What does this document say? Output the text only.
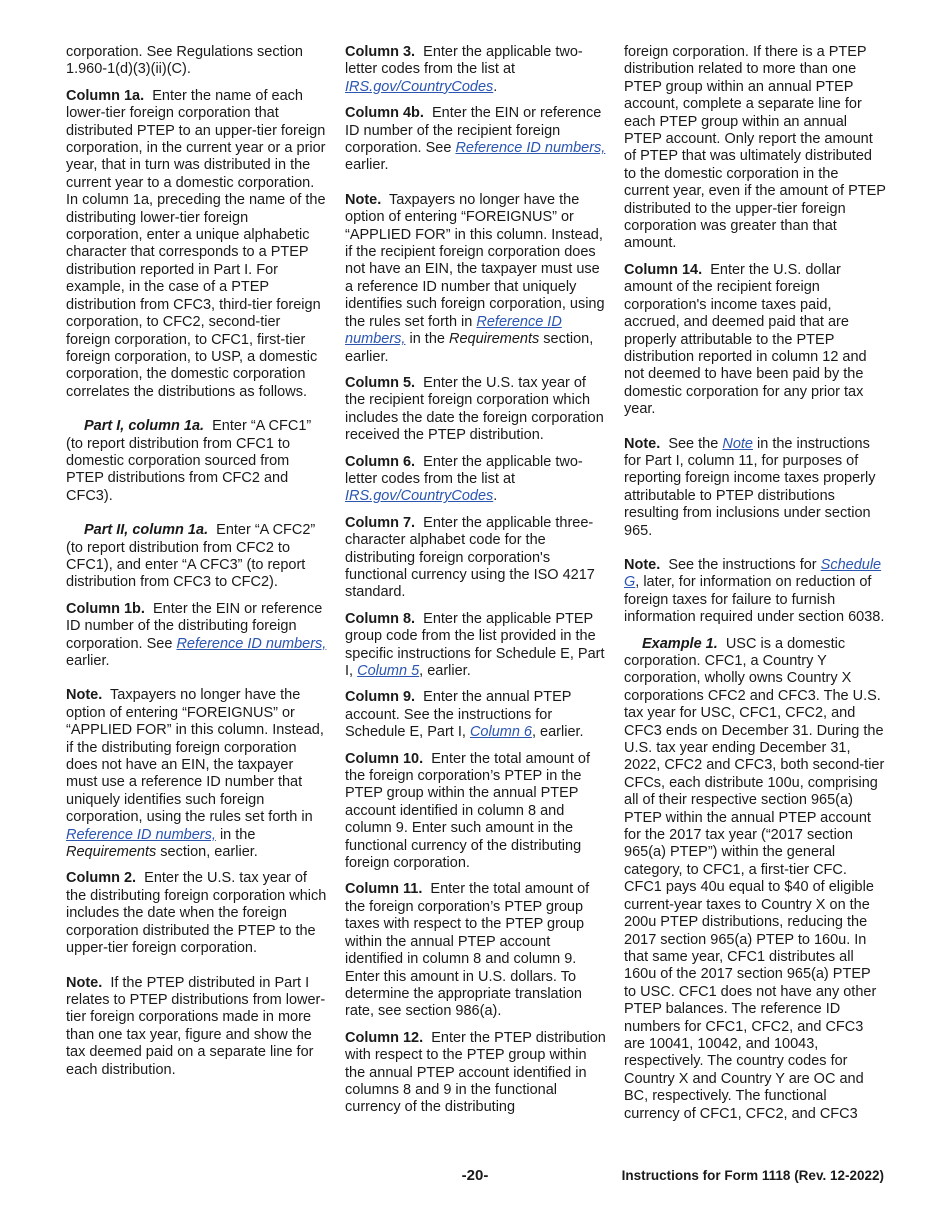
corporation. See Regulations section 1.960-1(d)(3)(ii)(C).

Column 1a. Enter the name of each lower-tier foreign corporation that distributed PTEP to an upper-tier foreign corporation, in the current year or a prior year, that in turn was distributed in the current year to a domestic corporation. In column 1a, preceding the name of the distributing lower-tier foreign corporation, enter a unique alphabetic character that corresponds to a PTEP distribution reported in Part I. For example, in the case of a PTEP distribution from CFC3, third-tier foreign corporation, to CFC2, second-tier foreign corporation, to CFC1, first-tier foreign corporation, to USP, a domestic corporation, the domestic corporation correlates the distributions as follows.

Part I, column 1a. Enter “A CFC1” (to report distribution from CFC1 to domestic corporation sourced from PTEP distributions from CFC2 and CFC3).

Part II, column 1a. Enter “A CFC2” (to report distribution from CFC2 to CFC1), and enter “A CFC3” (to report distribution from CFC3 to CFC2).

Column 1b. Enter the EIN or reference ID number of the distributing foreign corporation. See Reference ID numbers, earlier.

Note. Taxpayers no longer have the option of entering “FOREIGNUS” or “APPLIED FOR” in this column. Instead, if the distributing foreign corporation does not have an EIN, the taxpayer must use a reference ID number that uniquely identifies such foreign corporation, using the rules set forth in Reference ID numbers, in the Requirements section, earlier.

Column 2. Enter the U.S. tax year of the distributing foreign corporation which includes the date when the foreign corporation distributed the PTEP to the upper-tier foreign corporation.

Note. If the PTEP distributed in Part I relates to PTEP distributions from lower-tier foreign corporations made in more than one tax year, figure and show the tax deemed paid on a separate line for each distribution.

Column 3. Enter the applicable two-letter codes from the list at IRS.gov/CountryCodes.

Column 4b. Enter the EIN or reference ID number of the recipient foreign corporation. See Reference ID numbers, earlier.

Note. Taxpayers no longer have the option of entering “FOREIGNUS” or “APPLIED FOR” in this column. Instead, if the recipient foreign corporation does not have an EIN, the taxpayer must use a reference ID number that uniquely identifies such foreign corporation, using the rules set forth in Reference ID numbers, in the Requirements section, earlier.

Column 5. Enter the U.S. tax year of the recipient foreign corporation which includes the date the foreign corporation received the PTEP distribution.

Column 6. Enter the applicable two-letter codes from the list at IRS.gov/CountryCodes.

Column 7. Enter the applicable three-character alphabet code for the distributing foreign corporation's functional currency using the ISO 4217 standard.

Column 8. Enter the applicable PTEP group code from the list provided in the specific instructions for Schedule E, Part I, Column 5, earlier.

Column 9. Enter the annual PTEP account. See the instructions for Schedule E, Part I, Column 6, earlier.

Column 10. Enter the total amount of the foreign corporation’s PTEP in the PTEP group within the annual PTEP account identified in column 8 and column 9. Enter such amount in the functional currency of the distributing foreign corporation.

Column 11. Enter the total amount of the foreign corporation’s PTEP group taxes with respect to the PTEP group within the annual PTEP account identified in column 8 and column 9. Enter this amount in U.S. dollars. To determine the appropriate translation rate, see section 986(a).

Column 12. Enter the PTEP distribution with respect to the PTEP group within the annual PTEP account identified in columns 8 and 9 in the functional currency of the distributing

foreign corporation. If there is a PTEP distribution related to more than one PTEP group within an annual PTEP account, complete a separate line for each PTEP group within an annual PTEP account. Only report the amount of PTEP that was ultimately distributed to the domestic corporation in the current year, even if the amount of PTEP distributed to the upper-tier foreign corporation was greater than that amount.

Column 14. Enter the U.S. dollar amount of the recipient foreign corporation's income taxes paid, accrued, and deemed paid that are properly attributable to the PTEP distribution reported in column 12 and not deemed to have been paid by the domestic corporation for any prior tax year.

Note. See the Note in the instructions for Part I, column 11, for purposes of reporting foreign income taxes properly attributable to PTEP distributions resulting from inclusions under section 965.

Note. See the instructions for Schedule G, later, for information on reduction of foreign taxes for failure to furnish information required under section 6038.

Example 1. USC is a domestic corporation. CFC1, a Country Y corporation, wholly owns Country X corporations CFC2 and CFC3. The U.S. tax year for USC, CFC1, CFC2, and CFC3 ends on December 31. During the U.S. tax year ending December 31, 2022, CFC2 and CFC3, both second-tier CFCs, each distribute 100u, comprising all of their respective section 965(a) PTEP within the annual PTEP account for the 2017 tax year (“2017 section 965(a) PTEP”) within the general category, to CFC1, a first-tier CFC. CFC1 pays 40u equal to $40 of eligible current-year taxes to Country X on the 200u PTEP distributions, reducing the 2017 section 965(a) PTEP to 160u. In that same year, CFC1 distributes all 160u of the 2017 section 965(a) PTEP to USC. CFC1 does not have any other PTEP balances. The reference ID numbers for CFC1, CFC2, and CFC3 are 10041, 10042, and 10043, respectively. The country codes for Country X and Country Y are OC and BC, respectively. The functional currency of CFC1, CFC2, and CFC3

-20-	Instructions for Form 1118 (Rev. 12-2022)
